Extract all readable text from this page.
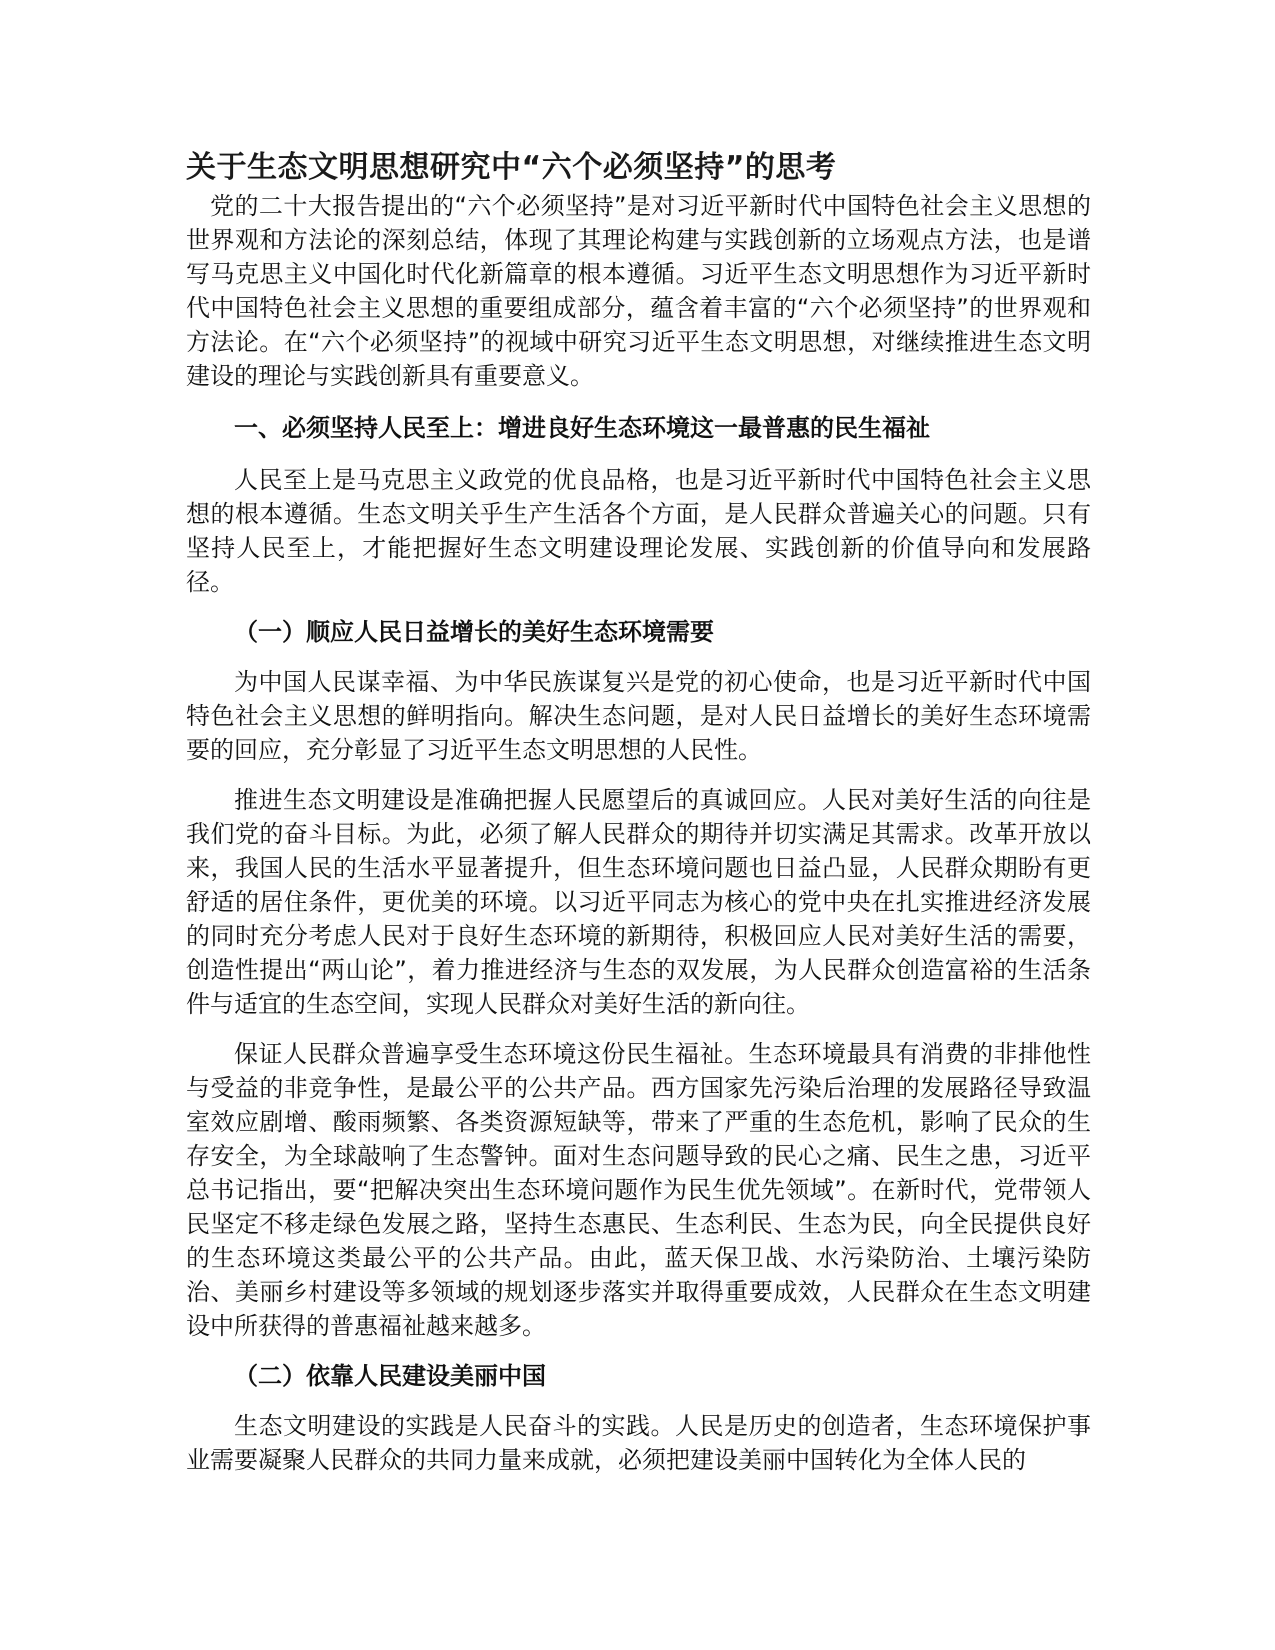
关于生态文明思想研究中“六个必须坚持”的思考

党的二十大报告提出的“六个必须坚持”是对习近平新时代中国特色社会主义思想的世界观和方法论的深刻总结，体现了其理论构建与实践创新的立场观点方法，也是谱写马克思主义中国化时代化新篇章的根本遵循。习近平生态文明思想作为习近平新时代中国特色社会主义思想的重要组成部分，蕴含着丰富的“六个必须坚持”的世界观和方法论。在“六个必须坚持”的视域中研究习近平生态文明思想，对继续推进生态文明建设的理论与实践创新具有重要意义。

一、必须坚持人民至上：增进良好生态环境这一最普惠的民生福祉

人民至上是马克思主义政党的优良品格，也是习近平新时代中国特色社会主义思想的根本遵循。生态文明关乎生产生活各个方面，是人民群众普遍关心的问题。只有坚持人民至上，才能把握好生态文明建设理论发展、实践创新的价值导向和发展路径。

（一）顺应人民日益增长的美好生态环境需要

为中国人民谋幸福、为中华民族谋复兴是党的初心使命，也是习近平新时代中国特色社会主义思想的鲜明指向。解决生态问题，是对人民日益增长的美好生态环境需要的回应，充分彰显了习近平生态文明思想的人民性。

推进生态文明建设是准确把握人民愿望后的真诚回应。人民对美好生活的向往是我们党的奋斗目标。为此，必须了解人民群众的期待并切实满足其需求。改革开放以来，我国人民的生活水平显著提升，但生态环境问题也日益凸显，人民群众期盼有更舒适的居住条件，更优美的环境。以习近平同志为核心的党中央在扎实推进经济发展的同时充分考虑人民对于良好生态环境的新期待，积极回应人民对美好生活的需要，创造性提出“两山论”，着力推进经济与生态的双发展，为人民群众创造富裕的生活条件与适宜的生态空间，实现人民群众对美好生活的新向往。

保证人民群众普遍享受生态环境这份民生福祉。生态环境最具有消费的非排他性与受益的非竞争性，是最公平的公共产品。西方国家先污染后治理的发展路径导致温室效应剧增、酸雨频繁、各类资源短缺等，带来了严重的生态危机，影响了民众的生存安全，为全球敲响了生态警钟。面对生态问题导致的民心之痛、民生之患，习近平总书记指出，要“把解决突出生态环境问题作为民生优先领域”。在新时代，党带领人民坚定不移走绿色发展之路，坚持生态惠民、生态利民、生态为民，向全民提供良好的生态环境这类最公平的公共产品。由此，蓝天保卫战、水污染防治、土壤污染防治、美丽乡村建设等多领域的规划逐步落实并取得重要成效，人民群众在生态文明建设中所获得的普惠福祉越来越多。

（二）依靠人民建设美丽中国

生态文明建设的实践是人民奋斗的实践。人民是历史的创造者，生态环境保护事业需要凝聚人民群众的共同力量来成就，必须把建设美丽中国转化为全体人民的
